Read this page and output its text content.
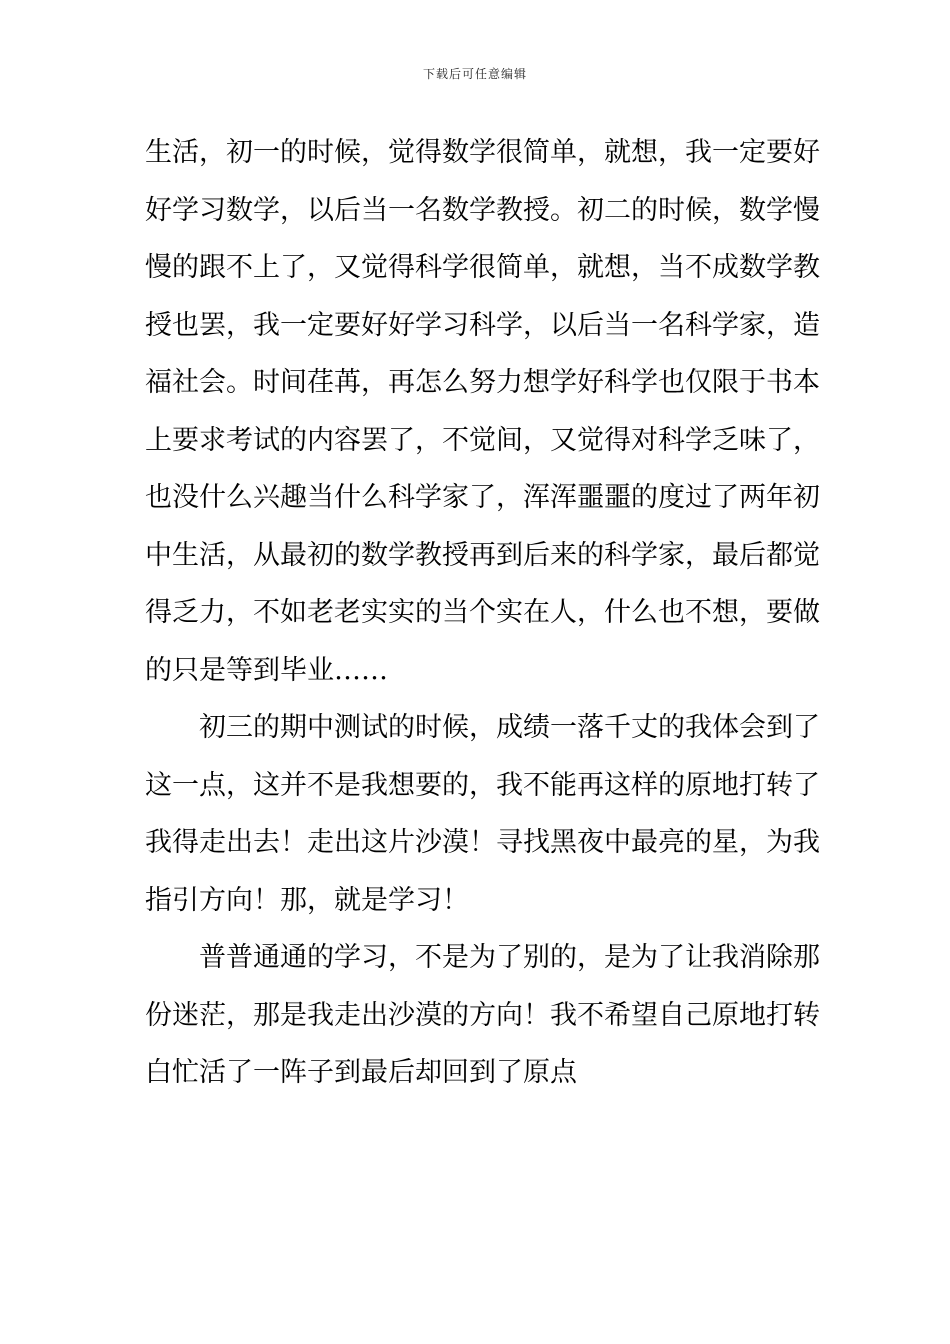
下载后可任意编辑
生活，初一的时候，觉得数学很简单，就想，我一定要好
好学习数学，以后当一名数学教授。初二的时候，数学慢
慢的跟不上了，又觉得科学很简单，就想，当不成数学教
授也罢，我一定要好好学习科学，以后当一名科学家，造
福社会。时间荏苒，再怎么努力想学好科学也仅限于书本
上要求考试的内容罢了，不觉间，又觉得对科学乏味了，
也没什么兴趣当什么科学家了，浑浑噩噩的度过了两年初
中生活，从最初的数学教授再到后来的科学家，最后都觉
得乏力，不如老老实实的当个实在人，什么也不想，要做
的只是等到毕业……
初三的期中测试的时候，成绩一落千丈的我体会到了
这一点，这并不是我想要的，我不能再这样的原地打转了
我得走出去！走出这片沙漠！寻找黑夜中最亮的星，为我
指引方向！那，就是学习！
普普通通的学习，不是为了别的，是为了让我消除那
份迷茫，那是我走出沙漠的方向！我不希望自己原地打转
白忙活了一阵子到最后却回到了原点
